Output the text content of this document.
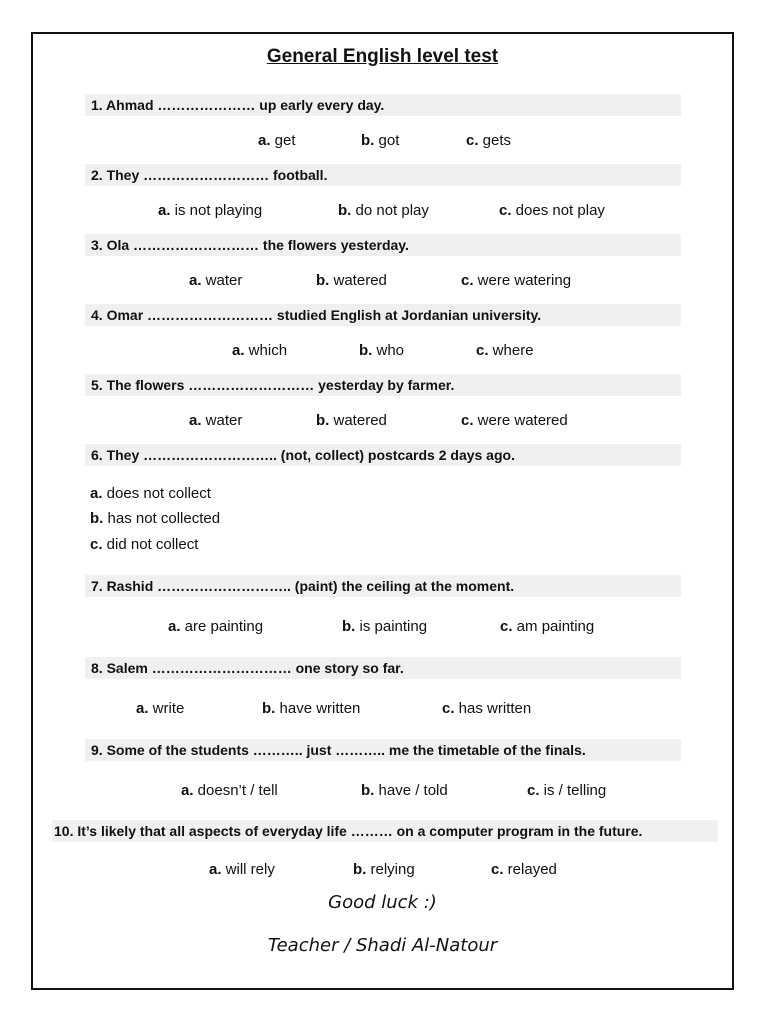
General English level test
1. Ahmad ………………… up early every day.
a. get	b. got	c. gets
2. They ……………………… football.
a. is not playing	b. do not play	c. does not play
3. Ola ……………………… the flowers yesterday.
a. water	b. watered	c. were watering
4. Omar ……………………… studied English at Jordanian university.
a. which	b. who	c. where
5. The flowers ……………………… yesterday by farmer.
a. water	b. watered	c. were watered
6. They ……………………….. (not, collect) postcards 2 days ago.
a. does not collect
b. has not collected
c. did not collect
7. Rashid ……………………….. (paint) the ceiling at the moment.
a. are painting	b. is painting	c. am painting
8. Salem ………………………… one story so far.
a. write	b. have written	c. has written
9. Some of the students ……….. just ……….. me the timetable of the finals.
a. doesn’t / tell	b. have / told	c. is / telling
10. It’s likely that all aspects of everyday life ……… on a computer program in the future.
a. will rely	b. relying	c. relayed
Good luck :)
Teacher / Shadi Al-Natour
